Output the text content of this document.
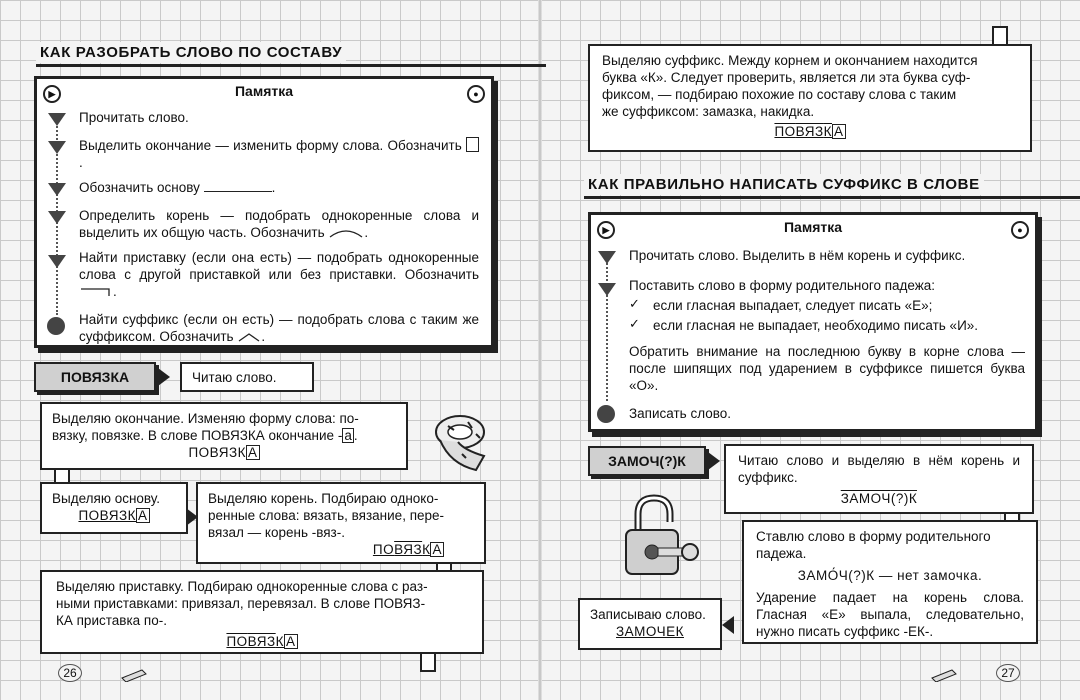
КАК РАЗОБРАТЬ СЛОВО ПО СОСТАВУ
▶	●
Памятка
Прочитать слово.
Выделить окончание — изменить форму слова. Обозначить .
Обозначить основу	.
Определить корень — подобрать однокоренные слова и выделить их общую часть. Обозначить	.
Найти приставку (если она есть) — подобрать однокоренные слова с другой приставкой или без приставки. Обозначить .
Найти суффикс (если он есть) — подобрать слова с таким же суффиксом. Обозначить .
ПОВЯЗКА	Читаю слово.
Выделяю окончание. Изменяю форму слова: по-
вязку, повязке. В слове ПОВЯЗКА окончание - а .
ПОВЯЗК А
Выделяю основу.
ПОВЯЗК А
Выделяю корень. Подбираю одноко-
ренные слова: вязать, вязание, пере-
вязал — корень -вяз-.
ПОВЯЗК А
Выделяю приставку. Подбираю однокоренные слова с раз-
ными приставками: привязал, перевязал. В слове ПОВЯЗ-
КА приставка по-.
ПОВЯЗК А
26
Выделяю суффикс. Между корнем и окончанием находится
буква «К». Следует проверить, является ли эта буква суф-
фиксом, — подбираю похожие по составу слова с таким
же суффиксом: замазка, накидка.
ПОВЯЗК А
КАК ПРАВИЛЬНО НАПИСАТЬ СУФФИКС В СЛОВЕ
▶	●
Памятка
Прочитать слово. Выделить в нём корень и суффикс.
Поставить слово в форму родительного падежа:
✓ если гласная выпадает, следует писать «Е»;
✓ если гласная не выпадает, необходимо писать «И».
Обратить внимание на последнюю букву в корне слова — после шипящих под ударением в суффиксе пишется буква «О».
Записать слово.
ЗАМОЧ(?)К	Читаю слово и выделяю в нём корень и суффикс.
ЗАМОЧ(?)К
Ставлю слово в форму родительного падежа.
ЗАМО́Ч(?)К — нет замочка.
Ударение падает на корень слова. Гласная «Е» выпала, следовательно, нужно писать суффикс -ЕК-.
Записываю слово.
ЗАМОЧЕК
27
